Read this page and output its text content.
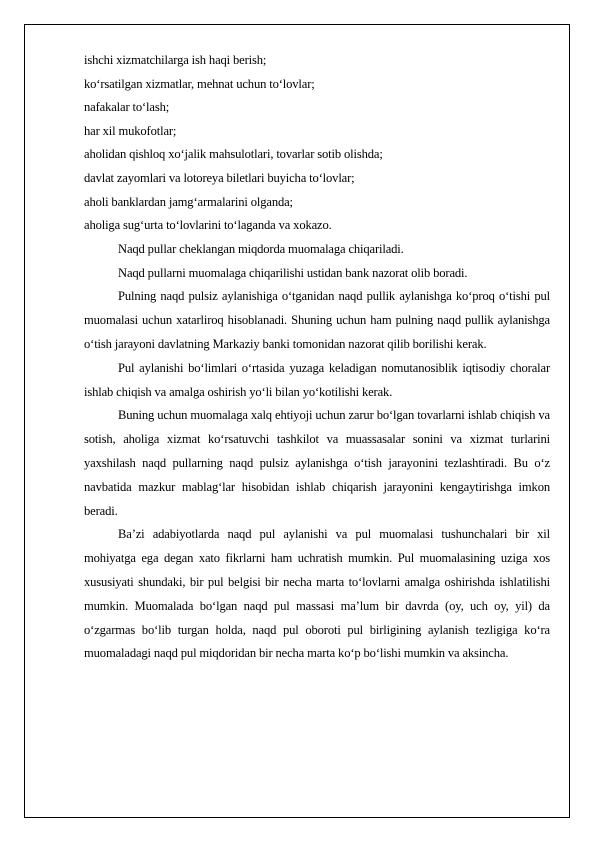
ishchi xizmatchilarga ish haqi berish;
ko‘rsatilgan xizmatlar, mehnat uchun to‘lovlar;
nafakalar to‘lash;
har xil mukofotlar;
aholidan qishloq xo‘jalik mahsulotlari, tovarlar sotib olishda;
davlat zayomlari va lotoreya biletlari buyicha to‘lovlar;
aholi banklardan jamg‘armalarini olganda;
aholiga sug‘urta to‘lovlarini to‘laganda va xokazo.

Naqd pullar cheklangan miqdorda muomalaga chiqariladi.

Naqd pullarni muomalaga chiqarilishi ustidan bank nazorat olib boradi.

Pulning naqd pulsiz aylanishiga o‘tganidan naqd pullik aylanishga ko‘proq o‘tishi pul muomalasi uchun xatarliroq hisoblanadi. Shuning uchun ham pulning naqd pullik aylanishga o‘tish jarayoni davlatning Markaziy banki tomonidan nazorat qilib borilishi kerak.

Pul aylanishi bo‘limlari o‘rtasida yuzaga keladigan nomutanosiblik iqtisodiy choralar ishlab chiqish va amalga oshirish yo‘li bilan yo‘kotilishi kerak.

Buning uchun muomalaga xalq ehtiyoji uchun zarur bo‘lgan tovarlarni ishlab chiqish va sotish, aholiga xizmat ko‘rsatuvchi tashkilot va muassasalar sonini va xizmat turlarini yaxshilash naqd pullarning naqd pulsiz aylanishga o‘tish jarayonini tezlashtiradi. Bu o‘z navbatida mazkur mablag‘lar hisobidan ishlab chiqarish jarayonini kengaytirishga imkon beradi.

Ba’zi adabiyotlarda naqd pul aylanishi va pul muomalasi tushunchalari bir xil mohiyatga ega degan xato fikrlarni ham uchratish mumkin. Pul muomalasining uziga xos xususiyati shundaki, bir pul belgisi bir necha marta to‘lovlarni amalga oshirishda ishlatilishi mumkin. Muomalada bo‘lgan naqd pul massasi ma’lum bir davrda (oy, uch oy, yil) da o‘zgarmas bo‘lib turgan holda, naqd pul oboroti pul birligining aylanish tezligiga ko‘ra muomaladagi naqd pul miqdoridan bir necha marta ko‘p bo‘lishi mumkin va aksincha.
